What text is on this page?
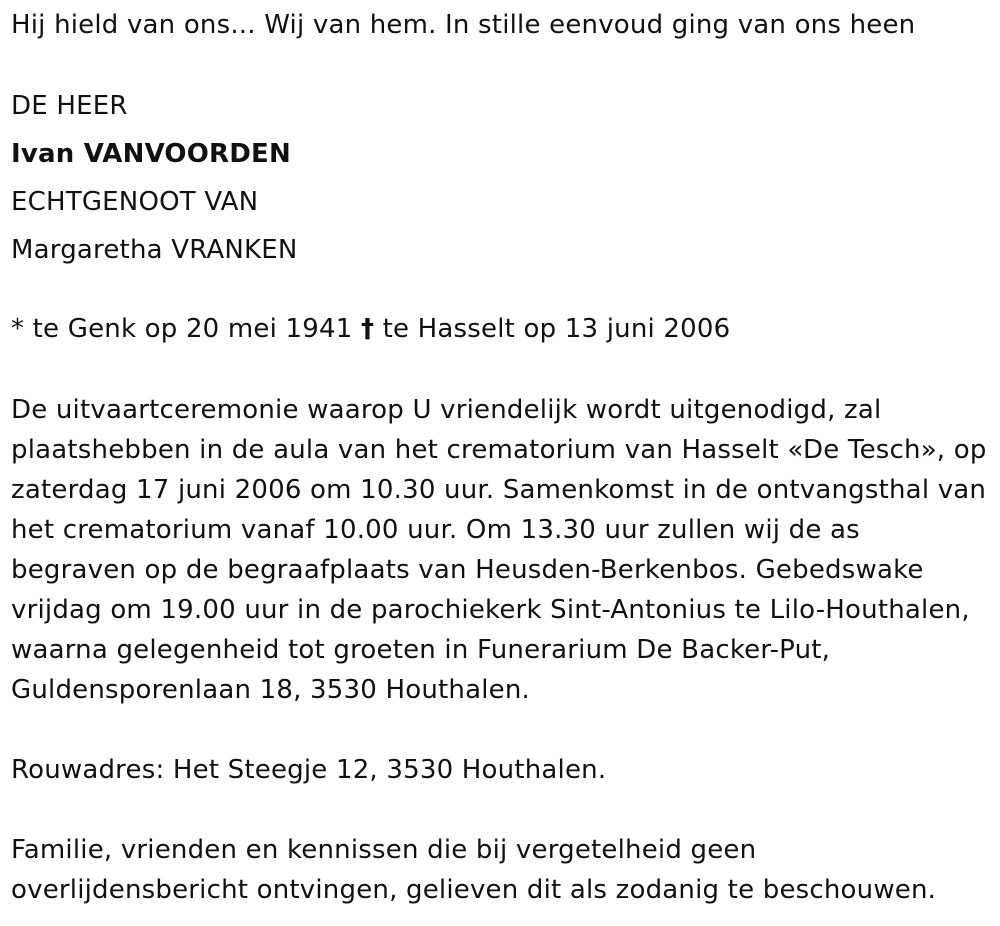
Hij hield van ons... Wij van hem. In stille eenvoud ging van ons heen
DE HEER
Ivan VANVOORDEN
ECHTGENOOT VAN
Margaretha VRANKEN
* te Genk op 20 mei 1941 † te Hasselt op 13 juni 2006
De uitvaartceremonie waarop U vriendelijk wordt uitgenodigd, zal
plaatshebben in de aula van het crematorium van Hasselt «De Tesch», op
zaterdag 17 juni 2006 om 10.30 uur. Samenkomst in de ontvangsthal van
het crematorium vanaf 10.00 uur. Om 13.30 uur zullen wij de as
begraven op de begraafplaats van Heusden-Berkenbos. Gebedswake
vrijdag om 19.00 uur in de parochiekerk Sint-Antonius te Lilo-Houthalen,
waarna gelegenheid tot groeten in Funerarium De Backer-Put,
Guldensporenlaan 18, 3530 Houthalen.
Rouwadres: Het Steegje 12, 3530 Houthalen.
Familie, vrienden en kennissen die bij vergetelheid geen
overlijdensbericht ontvingen, gelieven dit als zodanig te beschouwen.
